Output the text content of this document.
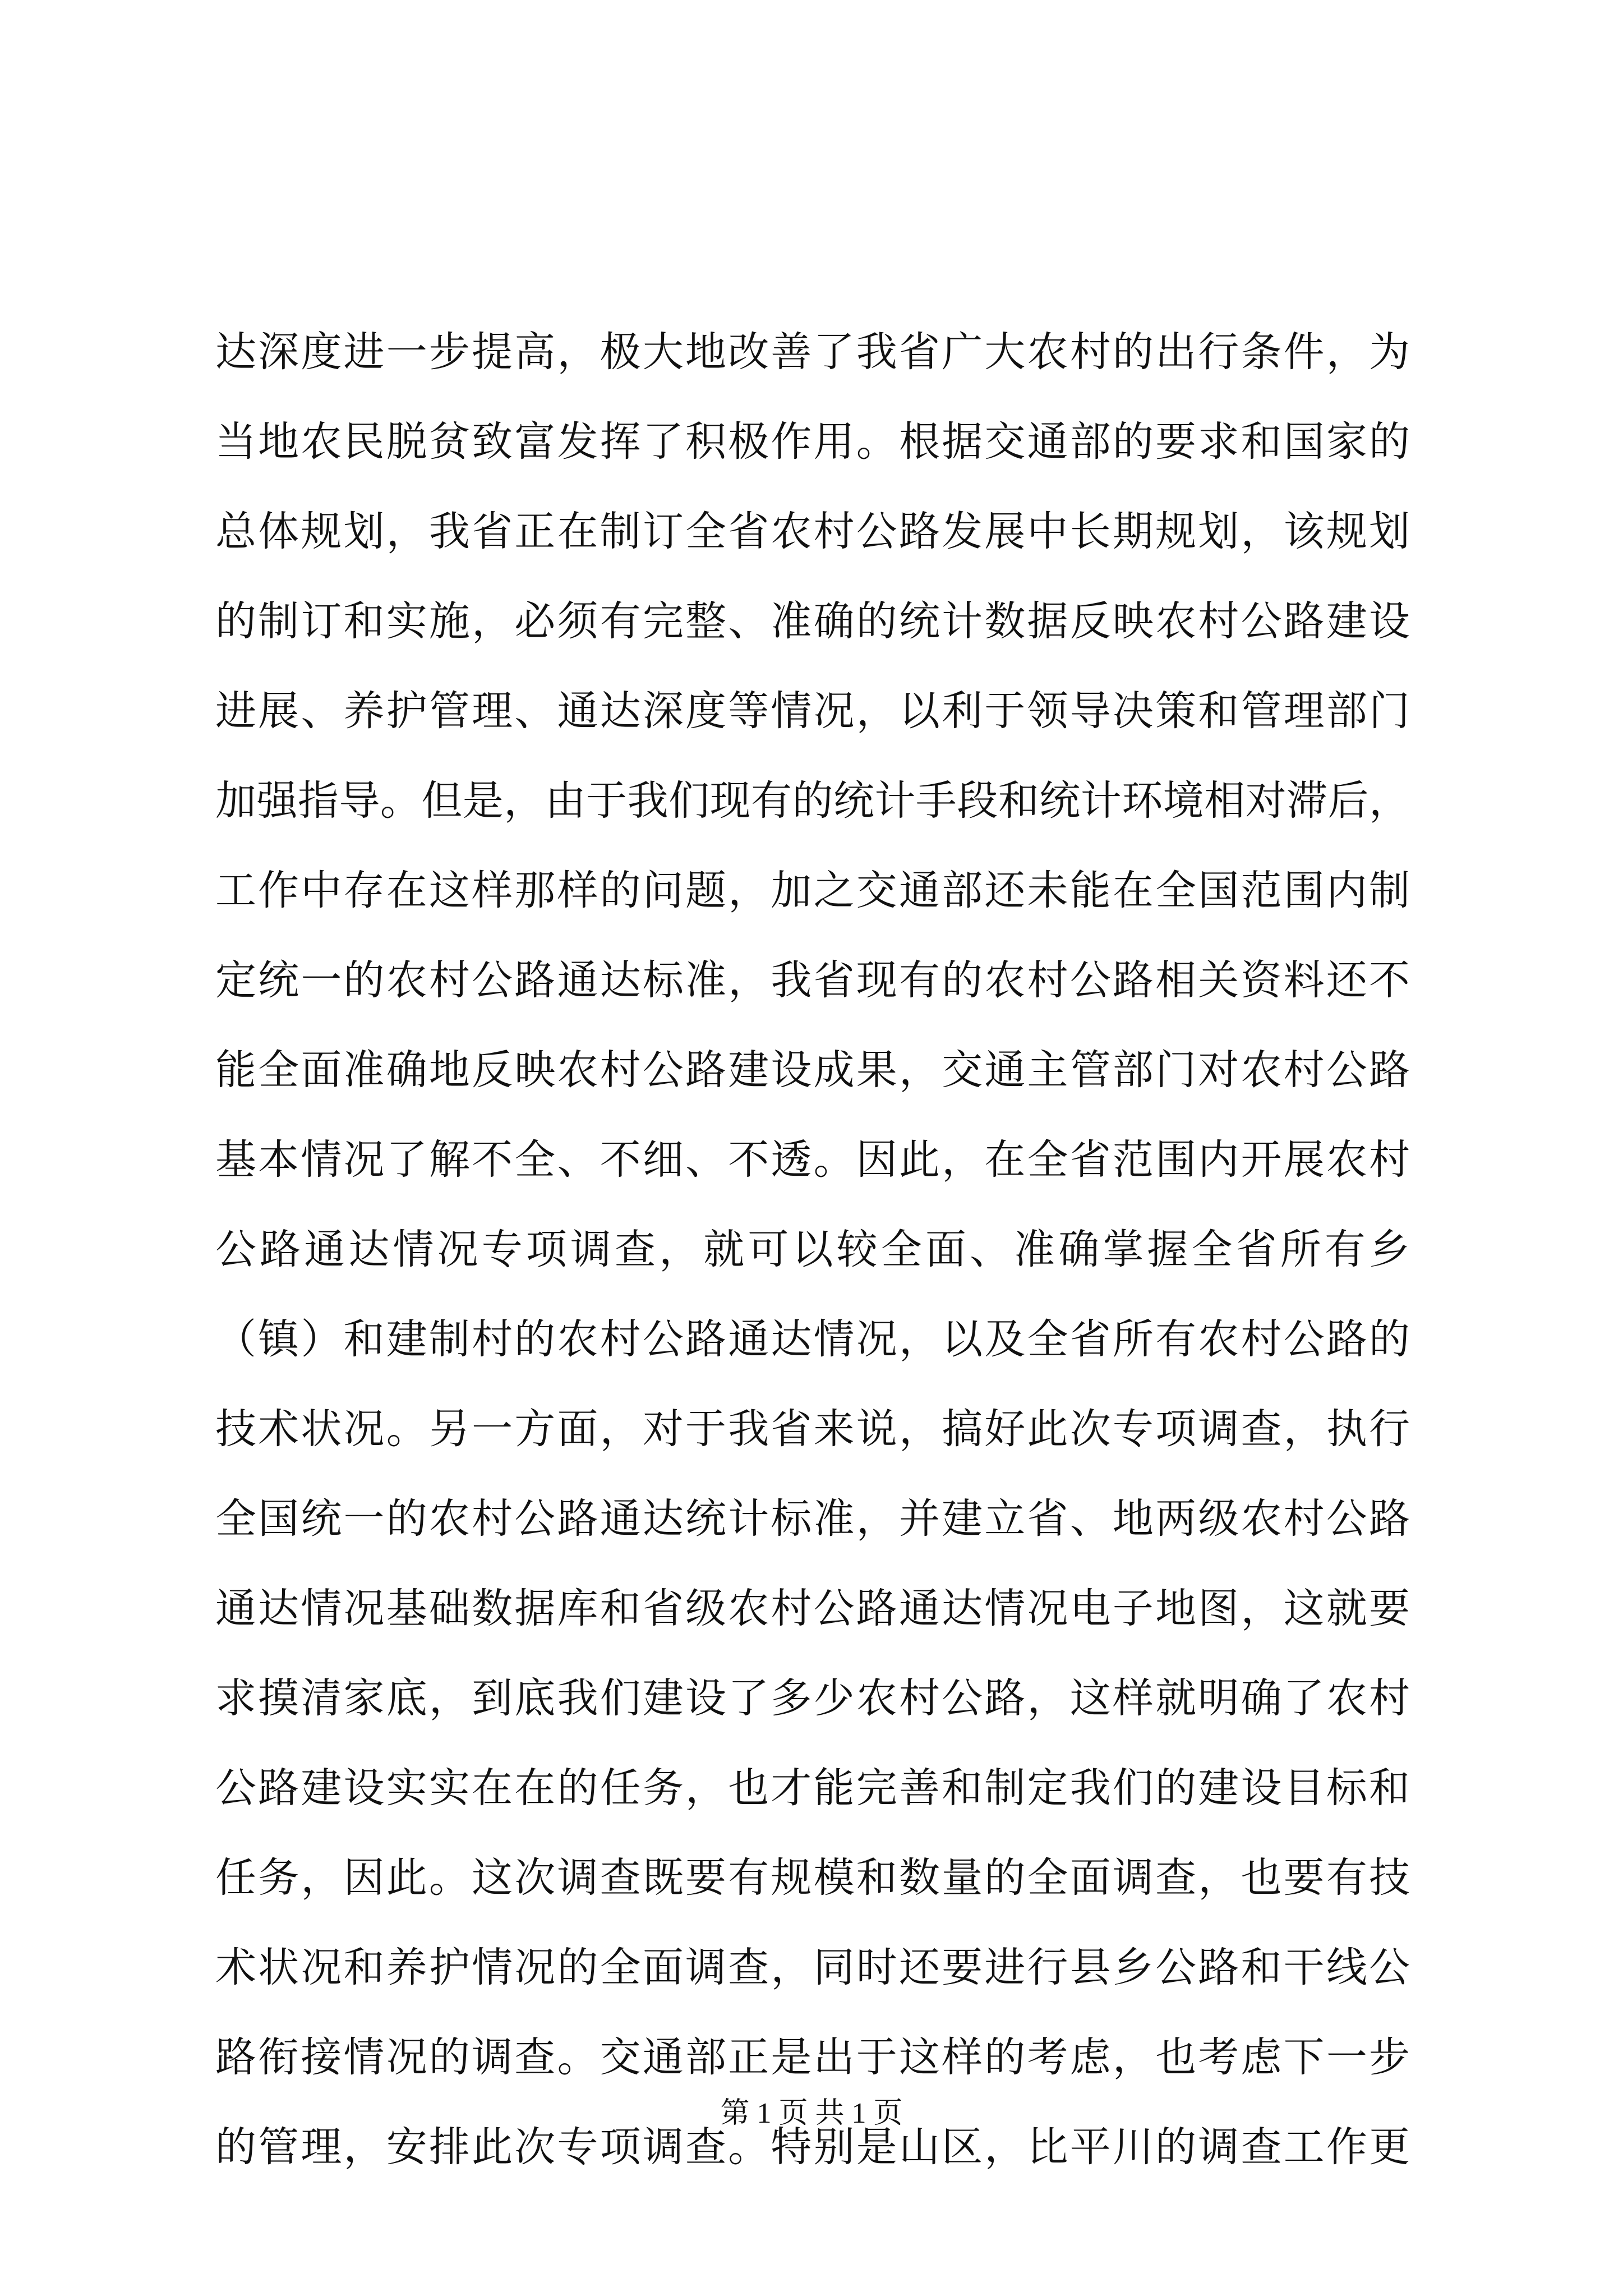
达深度进一步提高，极大地改善了我省广大农村的出行条件，为
当地农民脱贫致富发挥了积极作用。根据交通部的要求和国家的
总体规划，我省正在制订全省农村公路发展中长期规划，该规划
的制订和实施，必须有完整、准确的统计数据反映农村公路建设
进展、养护管理、通达深度等情况，以利于领导决策和管理部门
加强指导。但是，由于我们现有的统计手段和统计环境相对滞后，
工作中存在这样那样的问题，加之交通部还未能在全国范围内制
定统一的农村公路通达标准，我省现有的农村公路相关资料还不
能全面准确地反映农村公路建设成果，交通主管部门对农村公路
基本情况了解不全、不细、不透。因此，在全省范围内开展农村
公路通达情况专项调查，就可以较全面、准确掌握全省所有乡
（镇）和建制村的农村公路通达情况，以及全省所有农村公路的
技术状况。另一方面，对于我省来说，搞好此次专项调查，执行
全国统一的农村公路通达统计标准，并建立省、地两级农村公路
通达情况基础数据库和省级农村公路通达情况电子地图，这就要
求摸清家底，到底我们建设了多少农村公路，这样就明确了农村
公路建设实实在在的任务，也才能完善和制定我们的建设目标和
任务，因此。这次调查既要有规模和数量的全面调查，也要有技
术状况和养护情况的全面调查，同时还要进行县乡公路和干线公
路衔接情况的调查。交通部正是出于这样的考虑，也考虑下一步
的管理，安排此次专项调查。特别是山区，比平川的调查工作更
第 1 页 共 1 页
